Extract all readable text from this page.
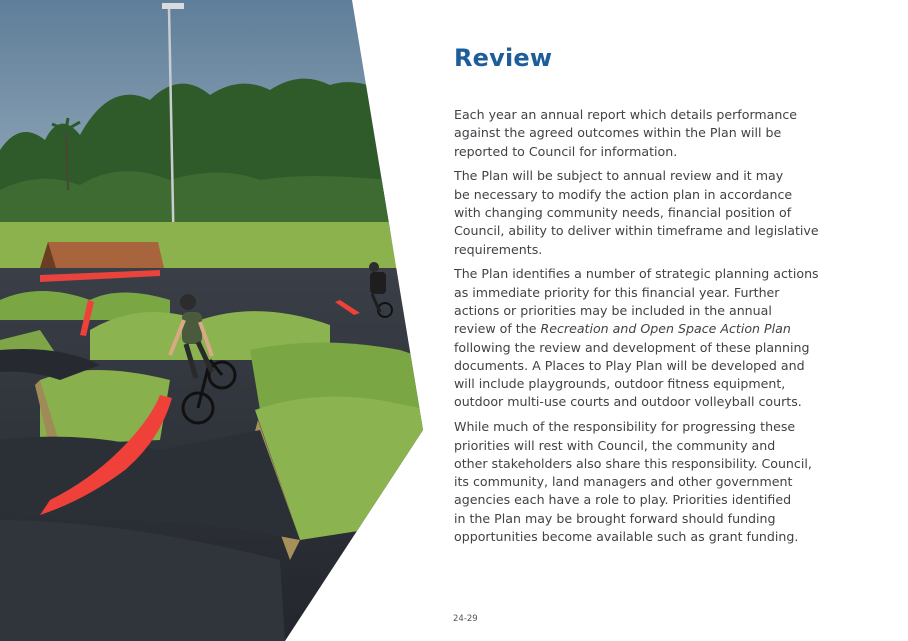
Review

Each year an annual report which details performance
against the agreed outcomes within the Plan will be
reported to Council for information.

The Plan will be subject to annual review and it may
be necessary to modify the action plan in accordance
with changing community needs, financial position of
Council, ability to deliver within timeframe and legislative
requirements.

The Plan identifies a number of strategic planning actions
as immediate priority for this financial year. Further
actions or priorities may be included in the annual
review of the Recreation and Open Space Action Plan
following the review and development of these planning
documents. A Places to Play Plan will be developed and
will include playgrounds, outdoor fitness equipment,
outdoor multi-use courts and outdoor volleyball courts.

While much of the responsibility for progressing these
priorities will rest with Council, the community and
other stakeholders also share this responsibility. Council,
its community, land managers and other government
agencies each have a role to play. Priorities identified
in the Plan may be brought forward should funding
opportunities become available such as grant funding.

24-29
